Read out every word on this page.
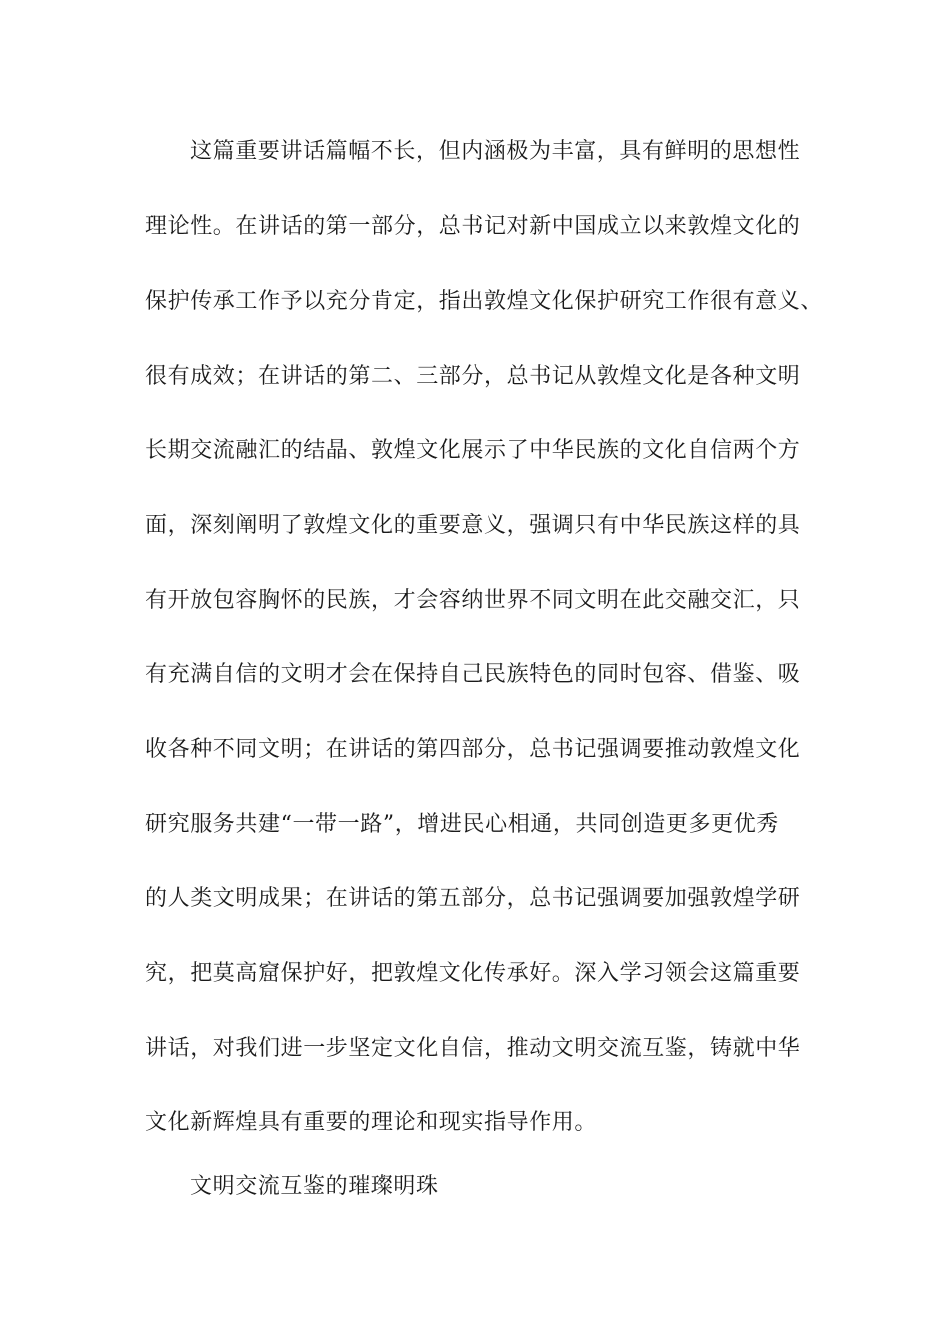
这篇重要讲话篇幅不长，但内涵极为丰富，具有鲜明的思想性
理论性。在讲话的第一部分，总书记对新中国成立以来敦煌文化的
保护传承工作予以充分肯定，指出敦煌文化保护研究工作很有意义、
很有成效；在讲话的第二、三部分，总书记从敦煌文化是各种文明
长期交流融汇的结晶、敦煌文化展示了中华民族的文化自信两个方
面，深刻阐明了敦煌文化的重要意义，强调只有中华民族这样的具
有开放包容胸怀的民族，才会容纳世界不同文明在此交融交汇，只
有充满自信的文明才会在保持自己民族特色的同时包容、借鉴、吸
收各种不同文明；在讲话的第四部分，总书记强调要推动敦煌文化
研究服务共建“一带一路”，增进民心相通，共同创造更多更优秀
的人类文明成果；在讲话的第五部分，总书记强调要加强敦煌学研
究，把莫高窟保护好，把敦煌文化传承好。深入学习领会这篇重要
讲话，对我们进一步坚定文化自信，推动文明交流互鉴，铸就中华
文化新辉煌具有重要的理论和现实指导作用。
文明交流互鉴的璀璨明珠
